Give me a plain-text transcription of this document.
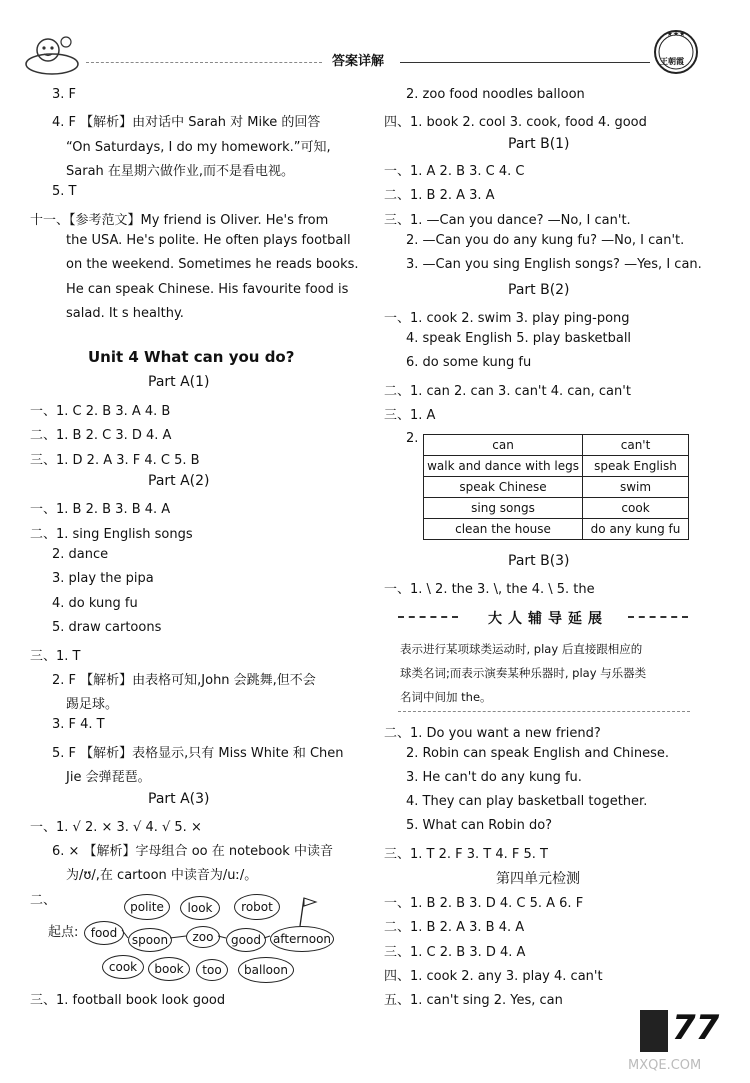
答案详解
★★★
王朝霞
3. F
4. F 【解析】由对话中 Sarah 对 Mike 的回答
“On Saturdays, I do my homework.”可知,
Sarah 在星期六做作业,而不是看电视。
5. T
十一、【参考范文】My friend is Oliver. He's from
the USA. He's polite. He often plays football
on the weekend. Sometimes he reads books.
He can speak Chinese. His favourite food is
salad. It s healthy.
一、1. C 2. B 3. A 4. B
二、1. B 2. C 3. D 4. A
三、1. D 2. A 3. F 4. C 5. B
一、1. B 2. B 3. B 4. A
二、1. sing English songs
2. dance
3. play the pipa
4. do kung fu
5. draw cartoons
三、1. T
2. F 【解析】由表格可知,John 会跳舞,但不会
踢足球。
3. F 4. T
5. F 【解析】表格显示,只有 Miss White 和 Chen
Jie 会弹琵琶。
一、1. √ 2. × 3. √ 4. √ 5. ×
6. × 【解析】字母组合 oo 在 notebook 中读音
为/ʊ/,在 cartoon 中读音为/uː/。
二、
起点:
三、1. football book look good
Unit 4 What can you do?
Part A(1)
Part A(2)
Part A(3)
polite	look	robot
food	spoon	zoo	good	afternoon
cook	book	too	balloon
2. zoo food noodles balloon
四、1. book 2. cool 3. cook, food 4. good
一、1. A 2. B 3. C 4. C
二、1. B 2. A 3. A
三、1. —Can you dance? —No, I can't.
2. —Can you do any kung fu? —No, I can't.
3. —Can you sing English songs? —Yes, I can.
一、1. cook 2. swim 3. play ping-pong
4. speak English 5. play basketball
6. do some kung fu
二、1. can 2. can 3. can't 4. can, can't
三、1. A
2.
一、1. \ 2. the 3. \, the 4. \ 5. the
二、1. Do you want a new friend?
2. Robin can speak English and Chinese.
3. He can't do any kung fu.
4. They can play basketball together.
5. What can Robin do?
三、1. T 2. F 3. T 4. F 5. T
一、1. B 2. B 3. D 4. C 5. A 6. F
二、1. B 2. A 3. B 4. A
三、1. C 2. B 3. D 4. A
四、1. cook 2. any 3. play 4. can't
五、1. can't sing 2. Yes, can
Part B(1)
Part B(2)
Part B(3)
第四单元检测
can	can't
walk and dance with legs	speak English
speak Chinese	swim
sing songs	cook
clean the house	do any kung fu
大人辅导延展
表示进行某项球类运动时, play 后直接跟相应的
球类名词;而表示演奏某种乐器时, play 与乐器类
名词中间加 the。
77
MXQE.COM
